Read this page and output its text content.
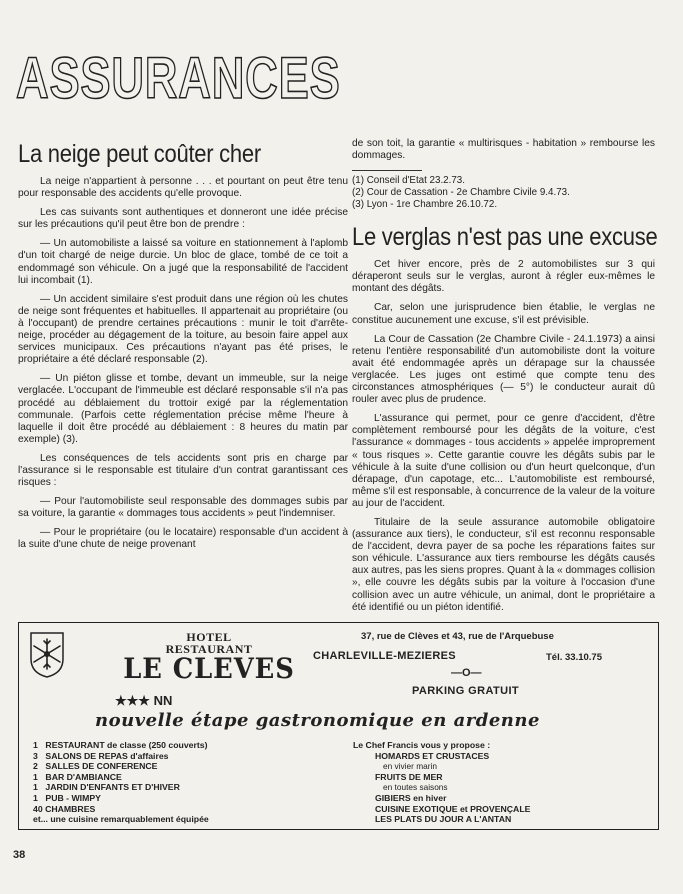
ASSURANCES
La neige peut coûter cher

La neige n'appartient à personne . . . et pourtant on peut être tenu pour responsable des accidents qu'elle provoque.

Les cas suivants sont authentiques et donneront une idée précise sur les précautions qu'il peut être bon de prendre :

— Un automobiliste a laissé sa voiture en stationnement à l'aplomb d'un toit chargé de neige durcie. Un bloc de glace, tombé de ce toit a endommagé son véhicule. On a jugé que la responsabilité de l'accident lui incombait (1).

— Un accident similaire s'est produit dans une région où les chutes de neige sont fréquentes et habituelles. Il appartenait au propriétaire (ou à l'occupant) de prendre certaines précautions : munir le toit d'arrête-neige, procéder au dégagement de la toiture, au besoin faire appel aux services municipaux. Ces précautions n'ayant pas été prises, le propriétaire a été déclaré responsable (2).

— Un piéton glisse et tombe, devant un immeuble, sur la neige verglacée. L'occupant de l'immeuble est déclaré responsable s'il n'a pas procédé au déblaiement du trottoir exigé par la réglementation communale. (Parfois cette réglementation précise même l'heure à laquelle il doit être procédé au déblaiement : 8 heures du matin par exemple) (3).

Les conséquences de tels accidents sont pris en charge par l'assurance si le responsable est titulaire d'un contrat garantissant ces risques :

— Pour l'automobiliste seul responsable des dommages subis par sa voiture, la garantie « dommages tous accidents » peut l'indemniser.

— Pour le propriétaire (ou le locataire) responsable d'un accident à la suite d'une chute de neige provenant

de son toit, la garantie « multirisques - habitation » rembourse les dommages.

(1) Conseil d'Etat 23.2.73.
(2) Cour de Cassation - 2e Chambre Civile 9.4.73.
(3) Lyon - 1re Chambre 26.10.72.
Le verglas n'est pas une excuse

Cet hiver encore, près de 2 automobilistes sur 3 qui déraperont seuls sur le verglas, auront à régler eux-mêmes le montant des dégâts.

Car, selon une jurisprudence bien établie, le verglas ne constitue aucunement une excuse, s'il est prévisible.

La Cour de Cassation (2e Chambre Civile - 24.1.1973) a ainsi retenu l'entière responsabilité d'un automobiliste dont la voiture avait été endommagée après un dérapage sur la chaussée verglacée. Les juges ont estimé que compte tenu des circonstances atmosphériques (— 5°) le conducteur aurait dû rouler avec plus de prudence.

L'assurance qui permet, pour ce genre d'accident, d'être complètement remboursé pour les dégâts de la voiture, c'est l'assurance « dommages - tous accidents » appelée improprement « tous risques ». Cette garantie couvre les dégâts subis par le véhicule à la suite d'une collision ou d'un heurt quelconque, d'un dérapage, d'un capotage, etc... L'automobiliste est remboursé, même s'il est responsable, à concurrence de la valeur de la voiture au jour de l'accident.

Titulaire de la seule assurance automobile obligatoire (assurance aux tiers), le conducteur, s'il est reconnu responsable de l'accident, devra payer de sa poche les réparations faites sur son véhicule. L'assurance aux tiers rembourse les dégâts causés aux autres, pas les siens propres. Quant à la « dommages collision », elle couvre les dégâts subis par la voiture à l'occasion d'une collision avec un autre véhicule, un animal, dont le propriétaire a été identifié ou un piéton identifié.

HOTEL
RESTAURANT
LE CLEVES
★★★ NN
37, rue de Clèves et 43, rue de l'Arquebuse
CHARLEVILLE-MEZIERES	Tél. 33.10.75
—O—
PARKING GRATUIT
nouvelle étape gastronomique en ardenne
1 RESTAURANT de classe (250 couverts)
3 SALONS DE REPAS d'affaires
2 SALLES DE CONFERENCE
1 BAR D'AMBIANCE
1 JARDIN D'ENFANTS ET D'HIVER
1 PUB - WIMPY
40 CHAMBRES
et... une cuisine remarquablement équipée
Le Chef Francis vous y propose :
HOMARDS ET CRUSTACES
en vivier marin
FRUITS DE MER
en toutes saisons
GIBIERS en hiver
CUISINE EXOTIQUE et PROVENÇALE
LES PLATS DU JOUR A L'ANTAN
38
